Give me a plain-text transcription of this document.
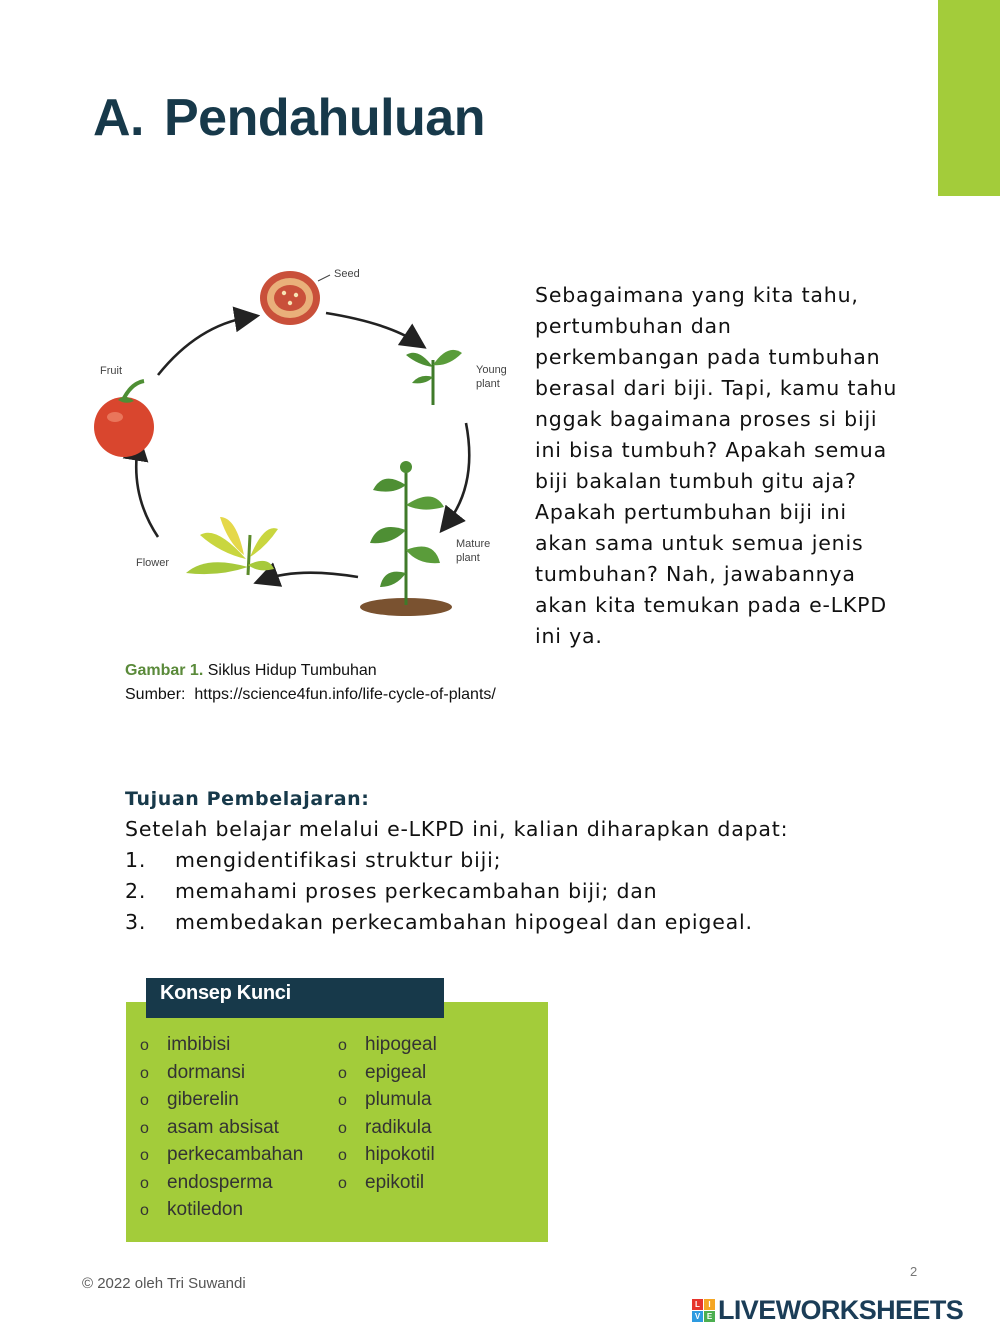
A. Pendahuluan
Seed
Young
plant
Mature
plant
Flower
Fruit
Gambar 1. Siklus Hidup Tumbuhan
Sumber: https://science4fun.info/life-cycle-of-plants/

Sebagaimana yang kita tahu,
pertumbuhan dan
perkembangan pada tumbuhan
berasal dari biji. Tapi, kamu tahu
nggak bagaimana proses si biji
ini bisa tumbuh? Apakah semua
biji bakalan tumbuh gitu aja?
Apakah pertumbuhan biji ini
akan sama untuk semua jenis
tumbuhan? Nah, jawabannya
akan kita temukan pada e-LKPD
ini ya.

Tujuan Pembelajaran:

Setelah belajar melalui e-LKPD ini, kalian diharapkan dapat:

1. mengidentifikasi struktur biji;
2. memahami proses perkecambahan biji; dan
3. membedakan perkecambahan hipogeal dan epigeal.
Konsep Kunci
o imbibisi
o dormansi
o giberelin
o asam absisat
o perkecambahan
o endosperma
o kotiledon
o hipogeal
o epigeal
o plumula
o radikula
o hipokotil
o epikotil
© 2022 oleh Tri Suwandi
2
L	I
V E LIVEWORKSHEETS
